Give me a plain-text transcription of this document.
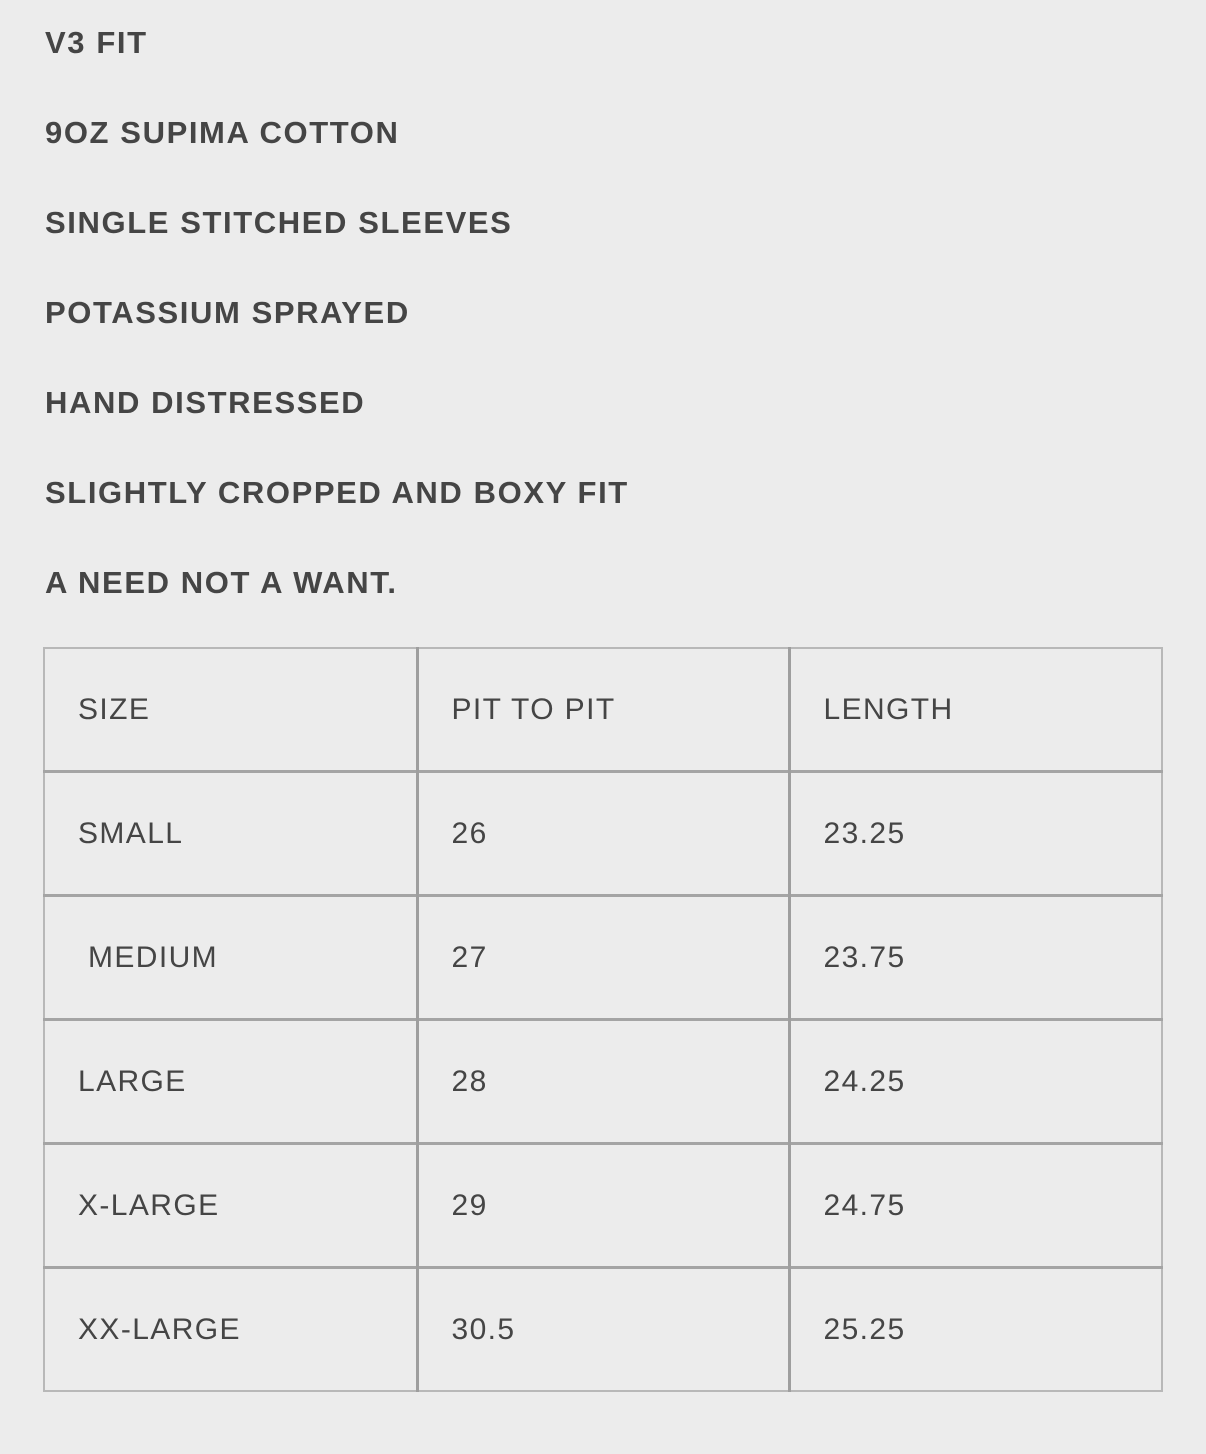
V3 FIT
9OZ SUPIMA COTTON
SINGLE STITCHED SLEEVES
POTASSIUM SPRAYED
HAND DISTRESSED
SLIGHTLY CROPPED AND BOXY FIT
A NEED NOT A WANT.
SIZE	PIT TO PIT	LENGTH
SMALL	26	23.25
MEDIUM	27	23.75
LARGE	28	24.25
X-LARGE	29	24.75
XX-LARGE	30.5	25.25
